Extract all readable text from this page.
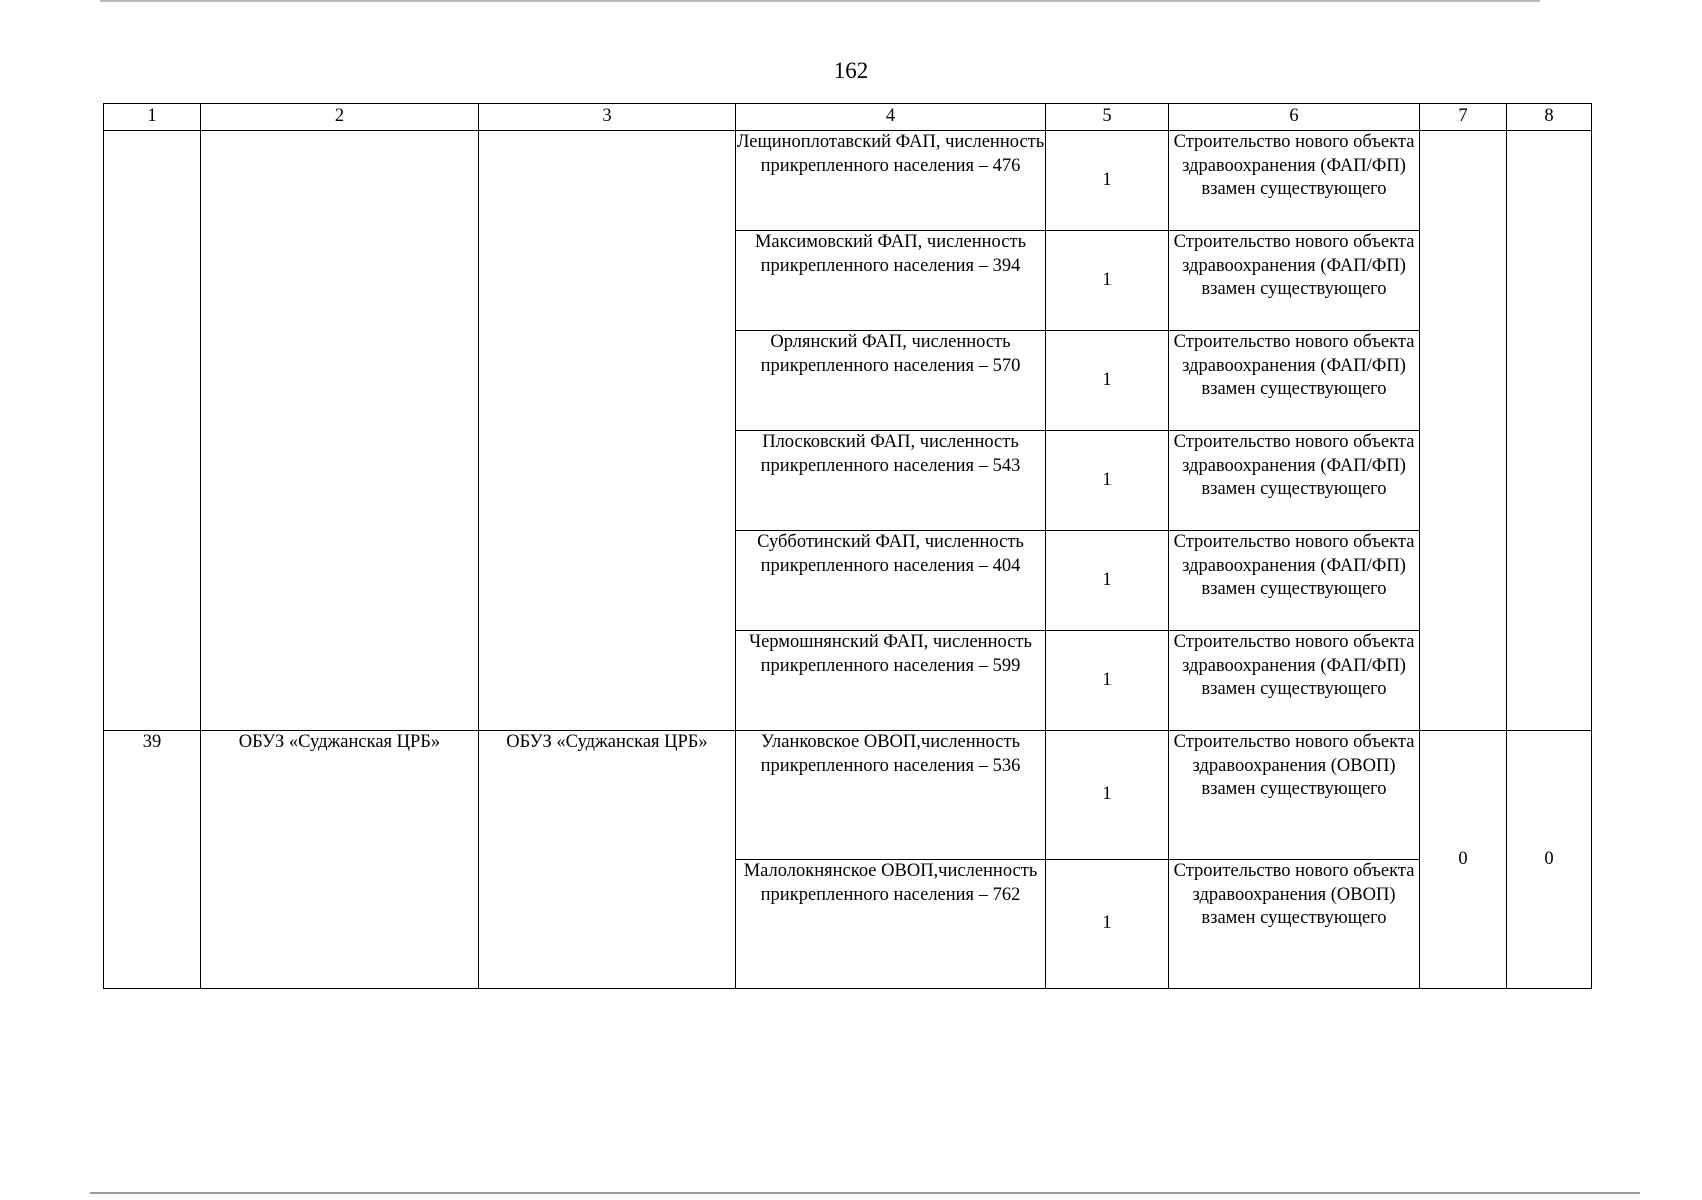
162
1	2	3	4	5	6	7	8
			Лещиноплотавский ФАП, численность прикрепленного населения – 476	1	Строительство нового объекта здравоохранения (ФАП/ФП) взамен существующего		
			Максимовский ФАП, численность прикрепленного населения – 394	1	Строительство нового объекта здравоохранения (ФАП/ФП) взамен существующего		
			Орлянский ФАП, численность прикрепленного населения – 570	1	Строительство нового объекта здравоохранения (ФАП/ФП) взамен существующего		
			Плосковский ФАП, численность прикрепленного населения – 543	1	Строительство нового объекта здравоохранения (ФАП/ФП) взамен существующего		
			Субботинский ФАП, численность прикрепленного населения – 404	1	Строительство нового объекта здравоохранения (ФАП/ФП) взамен существующего		
			Чермошнянский ФАП, численность прикрепленного населения – 599	1	Строительство нового объекта здравоохранения (ФАП/ФП) взамен существующего		
39	ОБУЗ «Суджанская ЦРБ»	ОБУЗ «Суджанская ЦРБ»	Уланковское ОВОП,численность прикрепленного населения – 536	1	Строительство нового объекта здравоохранения (ОВОП) взамен существующего	0	0
			Малолокнянское ОВОП,численность прикрепленного населения – 762	1	Строительство нового объекта здравоохранения (ОВОП) взамен существующего		
